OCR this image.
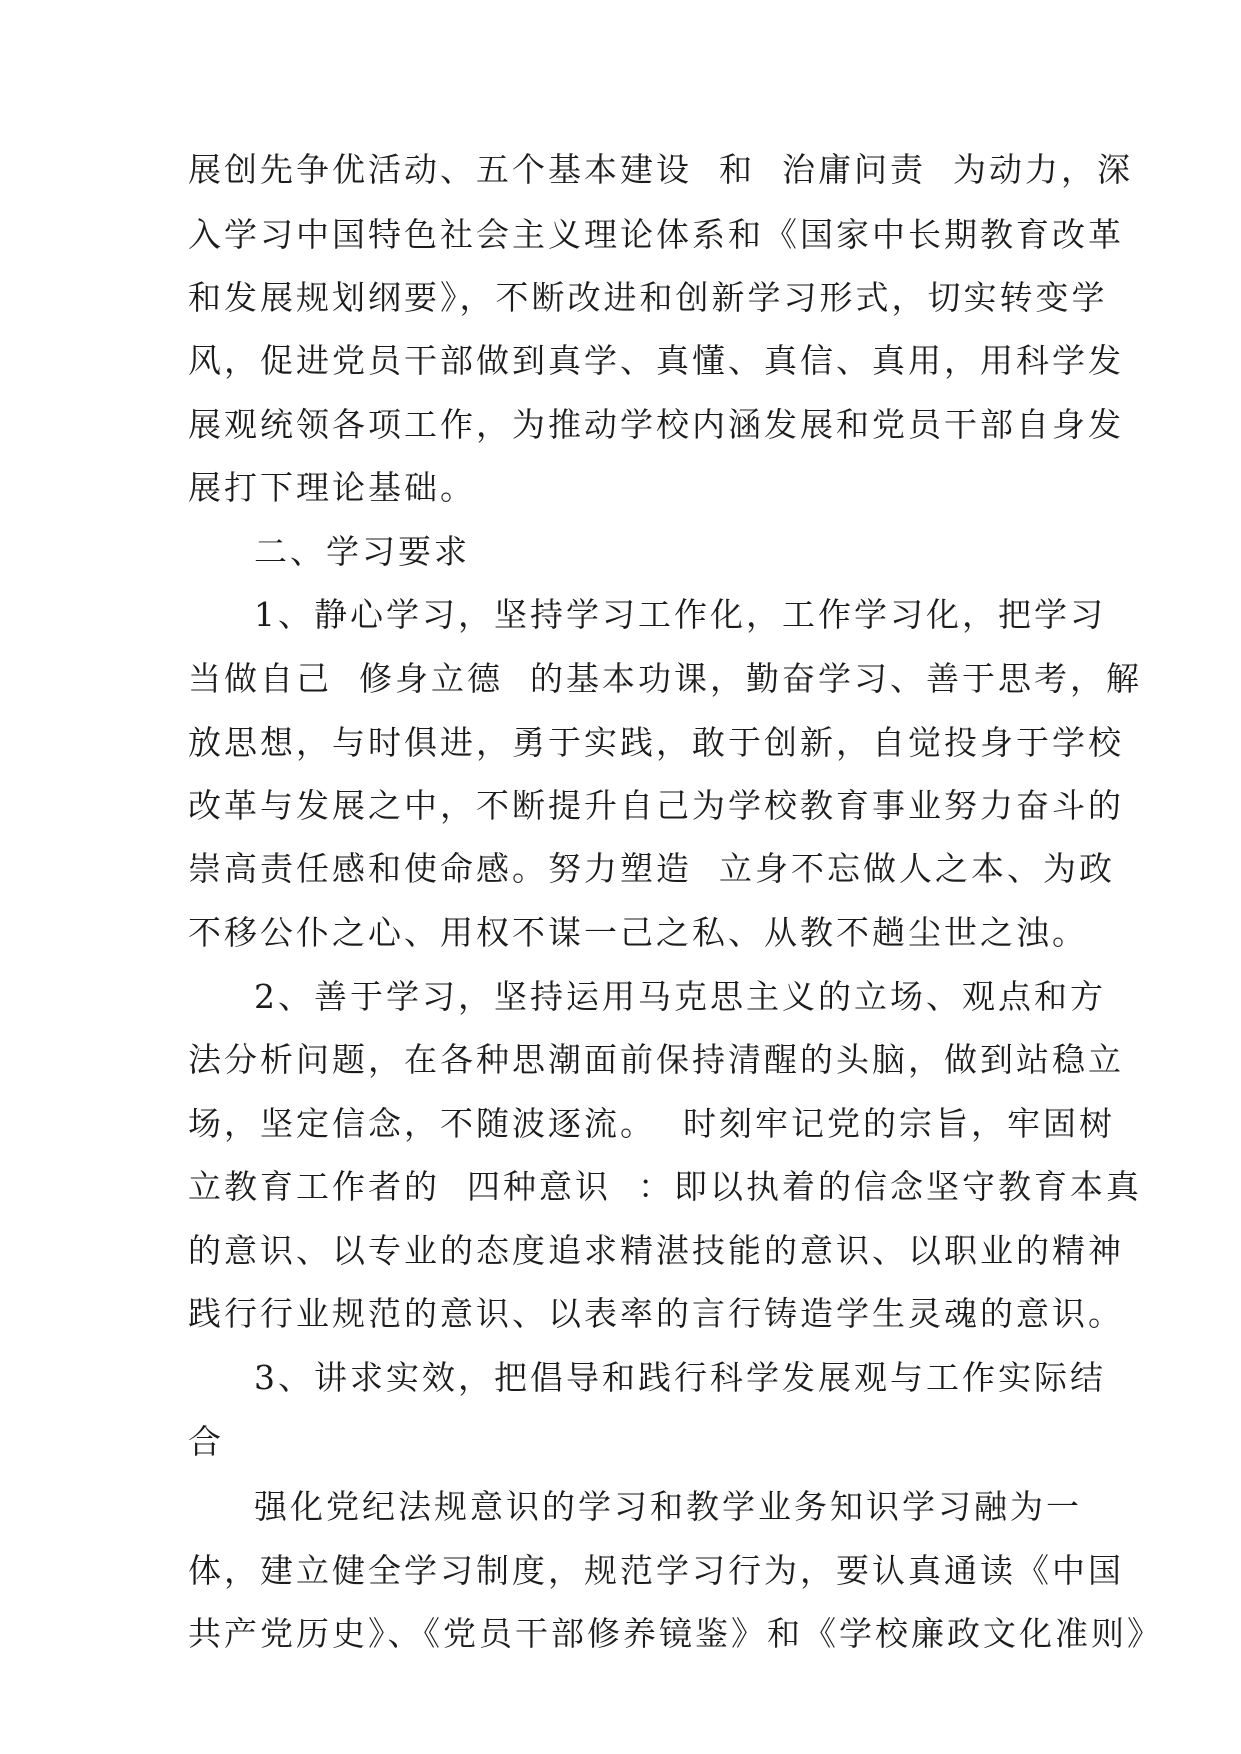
展创先争优活动、五个基本建设  和  治庸问责  为动力，深
入学习中国特色社会主义理论体系和《国家中长期教育改革
和发展规划纲要》，不断改进和创新学习形式，切实转变学
风，促进党员干部做到真学、真懂、真信、真用，用科学发
展观统领各项工作，为推动学校内涵发展和党员干部自身发
展打下理论基础。
二、学习要求
1、静心学习，坚持学习工作化，工作学习化，把学习
当做自己  修身立德  的基本功课，勤奋学习、善于思考，解
放思想，与时俱进，勇于实践，敢于创新，自觉投身于学校
改革与发展之中，不断提升自己为学校教育事业努力奋斗的
崇高责任感和使命感。努力塑造  立身不忘做人之本、为政
不移公仆之心、用权不谋一己之私、从教不趟尘世之浊。
2、善于学习，坚持运用马克思主义的立场、观点和方
法分析问题，在各种思潮面前保持清醒的头脑，做到站稳立
场，坚定信念，不随波逐流。  时刻牢记党的宗旨，牢固树
立教育工作者的  四种意识  ：即以执着的信念坚守教育本真
的意识、以专业的态度追求精湛技能的意识、以职业的精神
践行行业规范的意识、以表率的言行铸造学生灵魂的意识。
3、讲求实效，把倡导和践行科学发展观与工作实际结
合
强化党纪法规意识的学习和教学业务知识学习融为一
体，建立健全学习制度，规范学习行为，要认真通读《中国
共产党历史》、《党员干部修养镜鉴》和《学校廉政文化准则》
